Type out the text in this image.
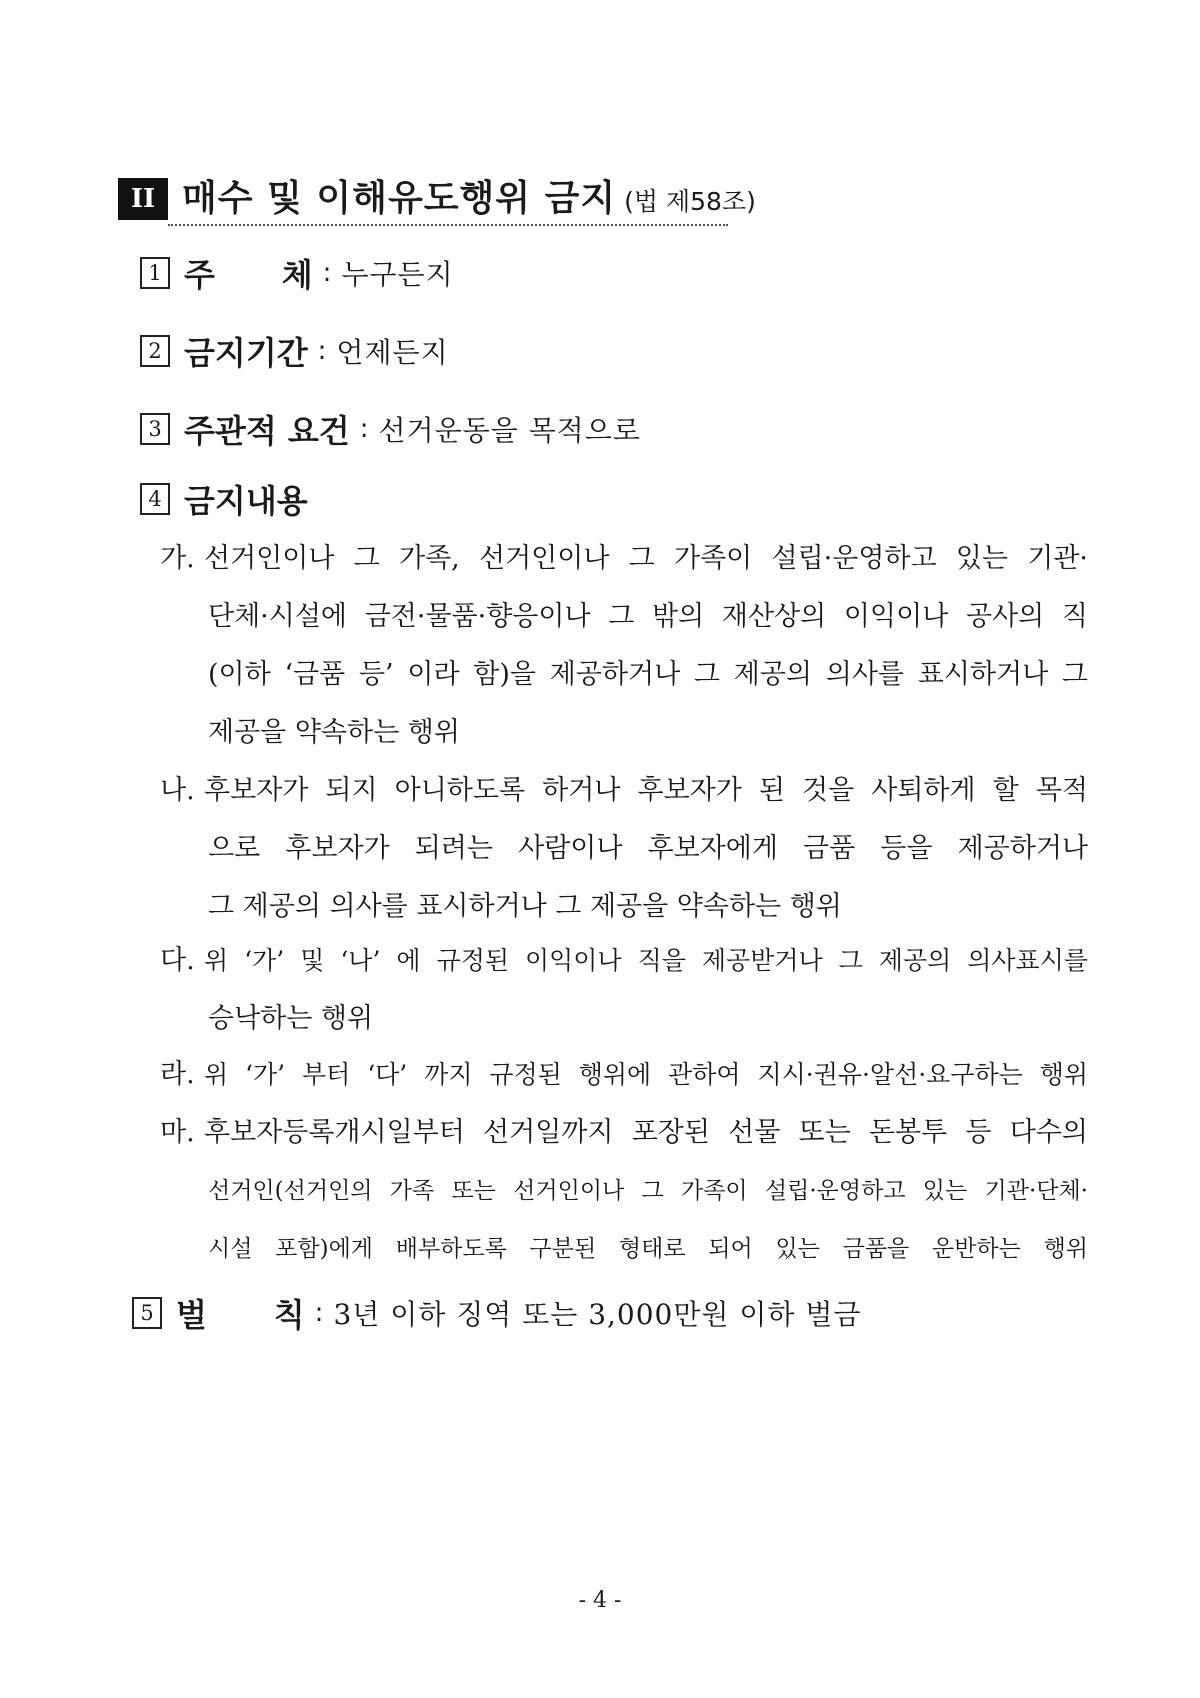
II 매수 및 이해유도행위 금지 (법 제58조)
1 주      체 : 누구든지
2 금지기간 : 언제든지
3 주관적 요건 : 선거운동을 목적으로
4 금지내용
가. 선거인이나 그 가족, 선거인이나 그 가족이 설립·운영하고 있는 기관·
단체·시설에 금전·물품·향응이나 그 밖의 재산상의 이익이나 공사의 직
(이하 ‘금품 등’ 이라 함)을 제공하거나 그 제공의 의사를 표시하거나 그
제공을 약속하는 행위
나. 후보자가 되지 아니하도록 하거나 후보자가 된 것을 사퇴하게 할 목적
으로 후보자가 되려는 사람이나 후보자에게 금품 등을 제공하거나
그 제공의 의사를 표시하거나 그 제공을 약속하는 행위
다. 위 ‘가’ 및 ‘나’ 에 규정된 이익이나 직을 제공받거나 그 제공의 의사표시를
승낙하는 행위
라. 위 ‘가’ 부터 ‘다’ 까지 규정된 행위에 관하여 지시·권유·알선·요구하는 행위
마. 후보자등록개시일부터 선거일까지 포장된 선물 또는 돈봉투 등 다수의
선거인(선거인의 가족 또는 선거인이나 그 가족이 설립·운영하고 있는 기관·단체·
시설 포함)에게 배부하도록 구분된 형태로 되어 있는 금품을 운반하는 행위
5 벌      칙 : 3년 이하 징역 또는 3,000만원 이하 벌금
- 4 -
